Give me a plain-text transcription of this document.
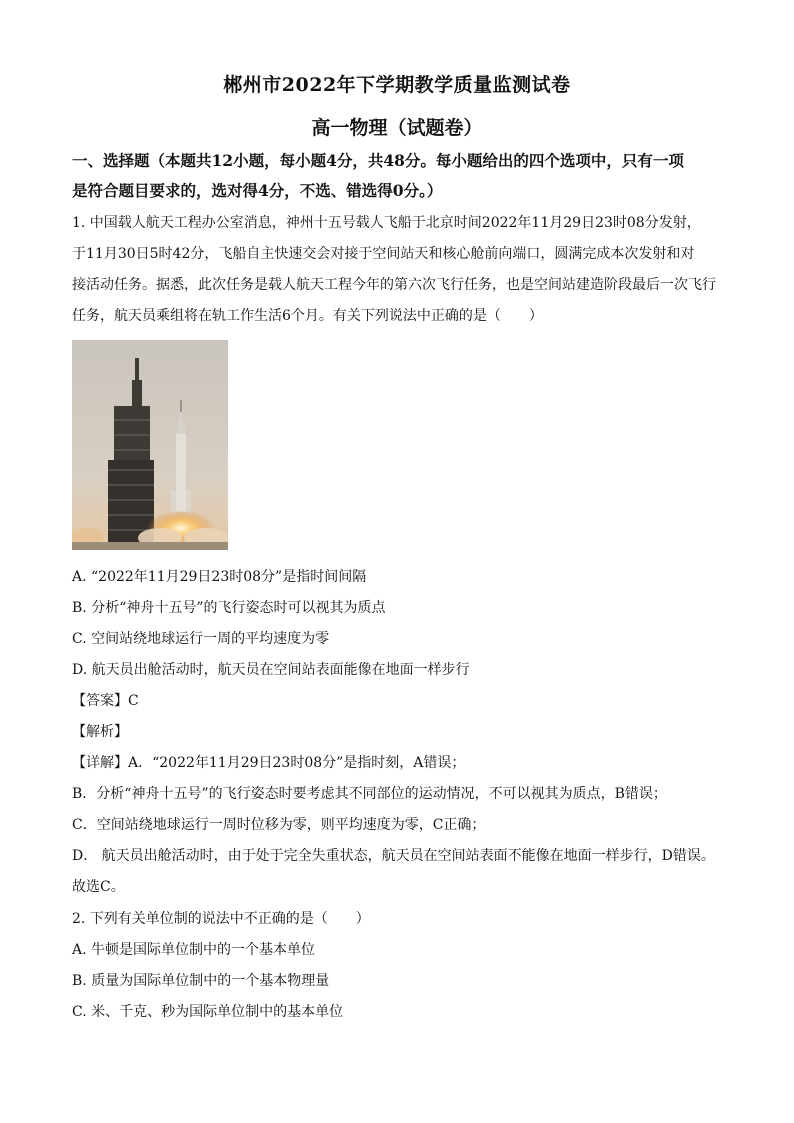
郴州市2022年下学期教学质量监测试卷
高一物理（试题卷）
一、选择题（本题共12小题，每小题4分，共48分。每小题给出的四个选项中，只有一项
是符合题目要求的，选对得4分，不选、错选得0分。）
1. 中国载人航天工程办公室消息，神州十五号载人飞船于北京时间2022年11月29日23时08分发射，
于11月30日5时42分，飞船自主快速交会对接于空间站天和核心舱前向端口，圆满完成本次发射和对
接活动任务。据悉，此次任务是载人航天工程今年的第六次飞行任务，也是空间站建造阶段最后一次飞行
任务，航天员乘组将在轨工作生活6个月。有关下列说法中正确的是（　　）
A. “2022年11月29日23时08分”是指时间间隔
B. 分析“神舟十五号”的飞行姿态时可以视其为质点
C. 空间站绕地球运行一周的平均速度为零
D. 航天员出舱活动时，航天员在空间站表面能像在地面一样步行
【答案】C
【解析】
【详解】A．“2022年11月29日23时08分”是指时刻，A错误；
B．分析“神舟十五号”的飞行姿态时要考虑其不同部位的运动情况，不可以视其为质点，B错误；
C．空间站绕地球运行一周时位移为零，则平均速度为零，C正确；
D． 航天员出舱活动时，由于处于完全失重状态，航天员在空间站表面不能像在地面一样步行，D错误。
故选C。
2. 下列有关单位制的说法中不正确的是（　　）
A. 牛顿是国际单位制中的一个基本单位
B. 质量为国际单位制中的一个基本物理量
C. 米、千克、秒为国际单位制中的基本单位
